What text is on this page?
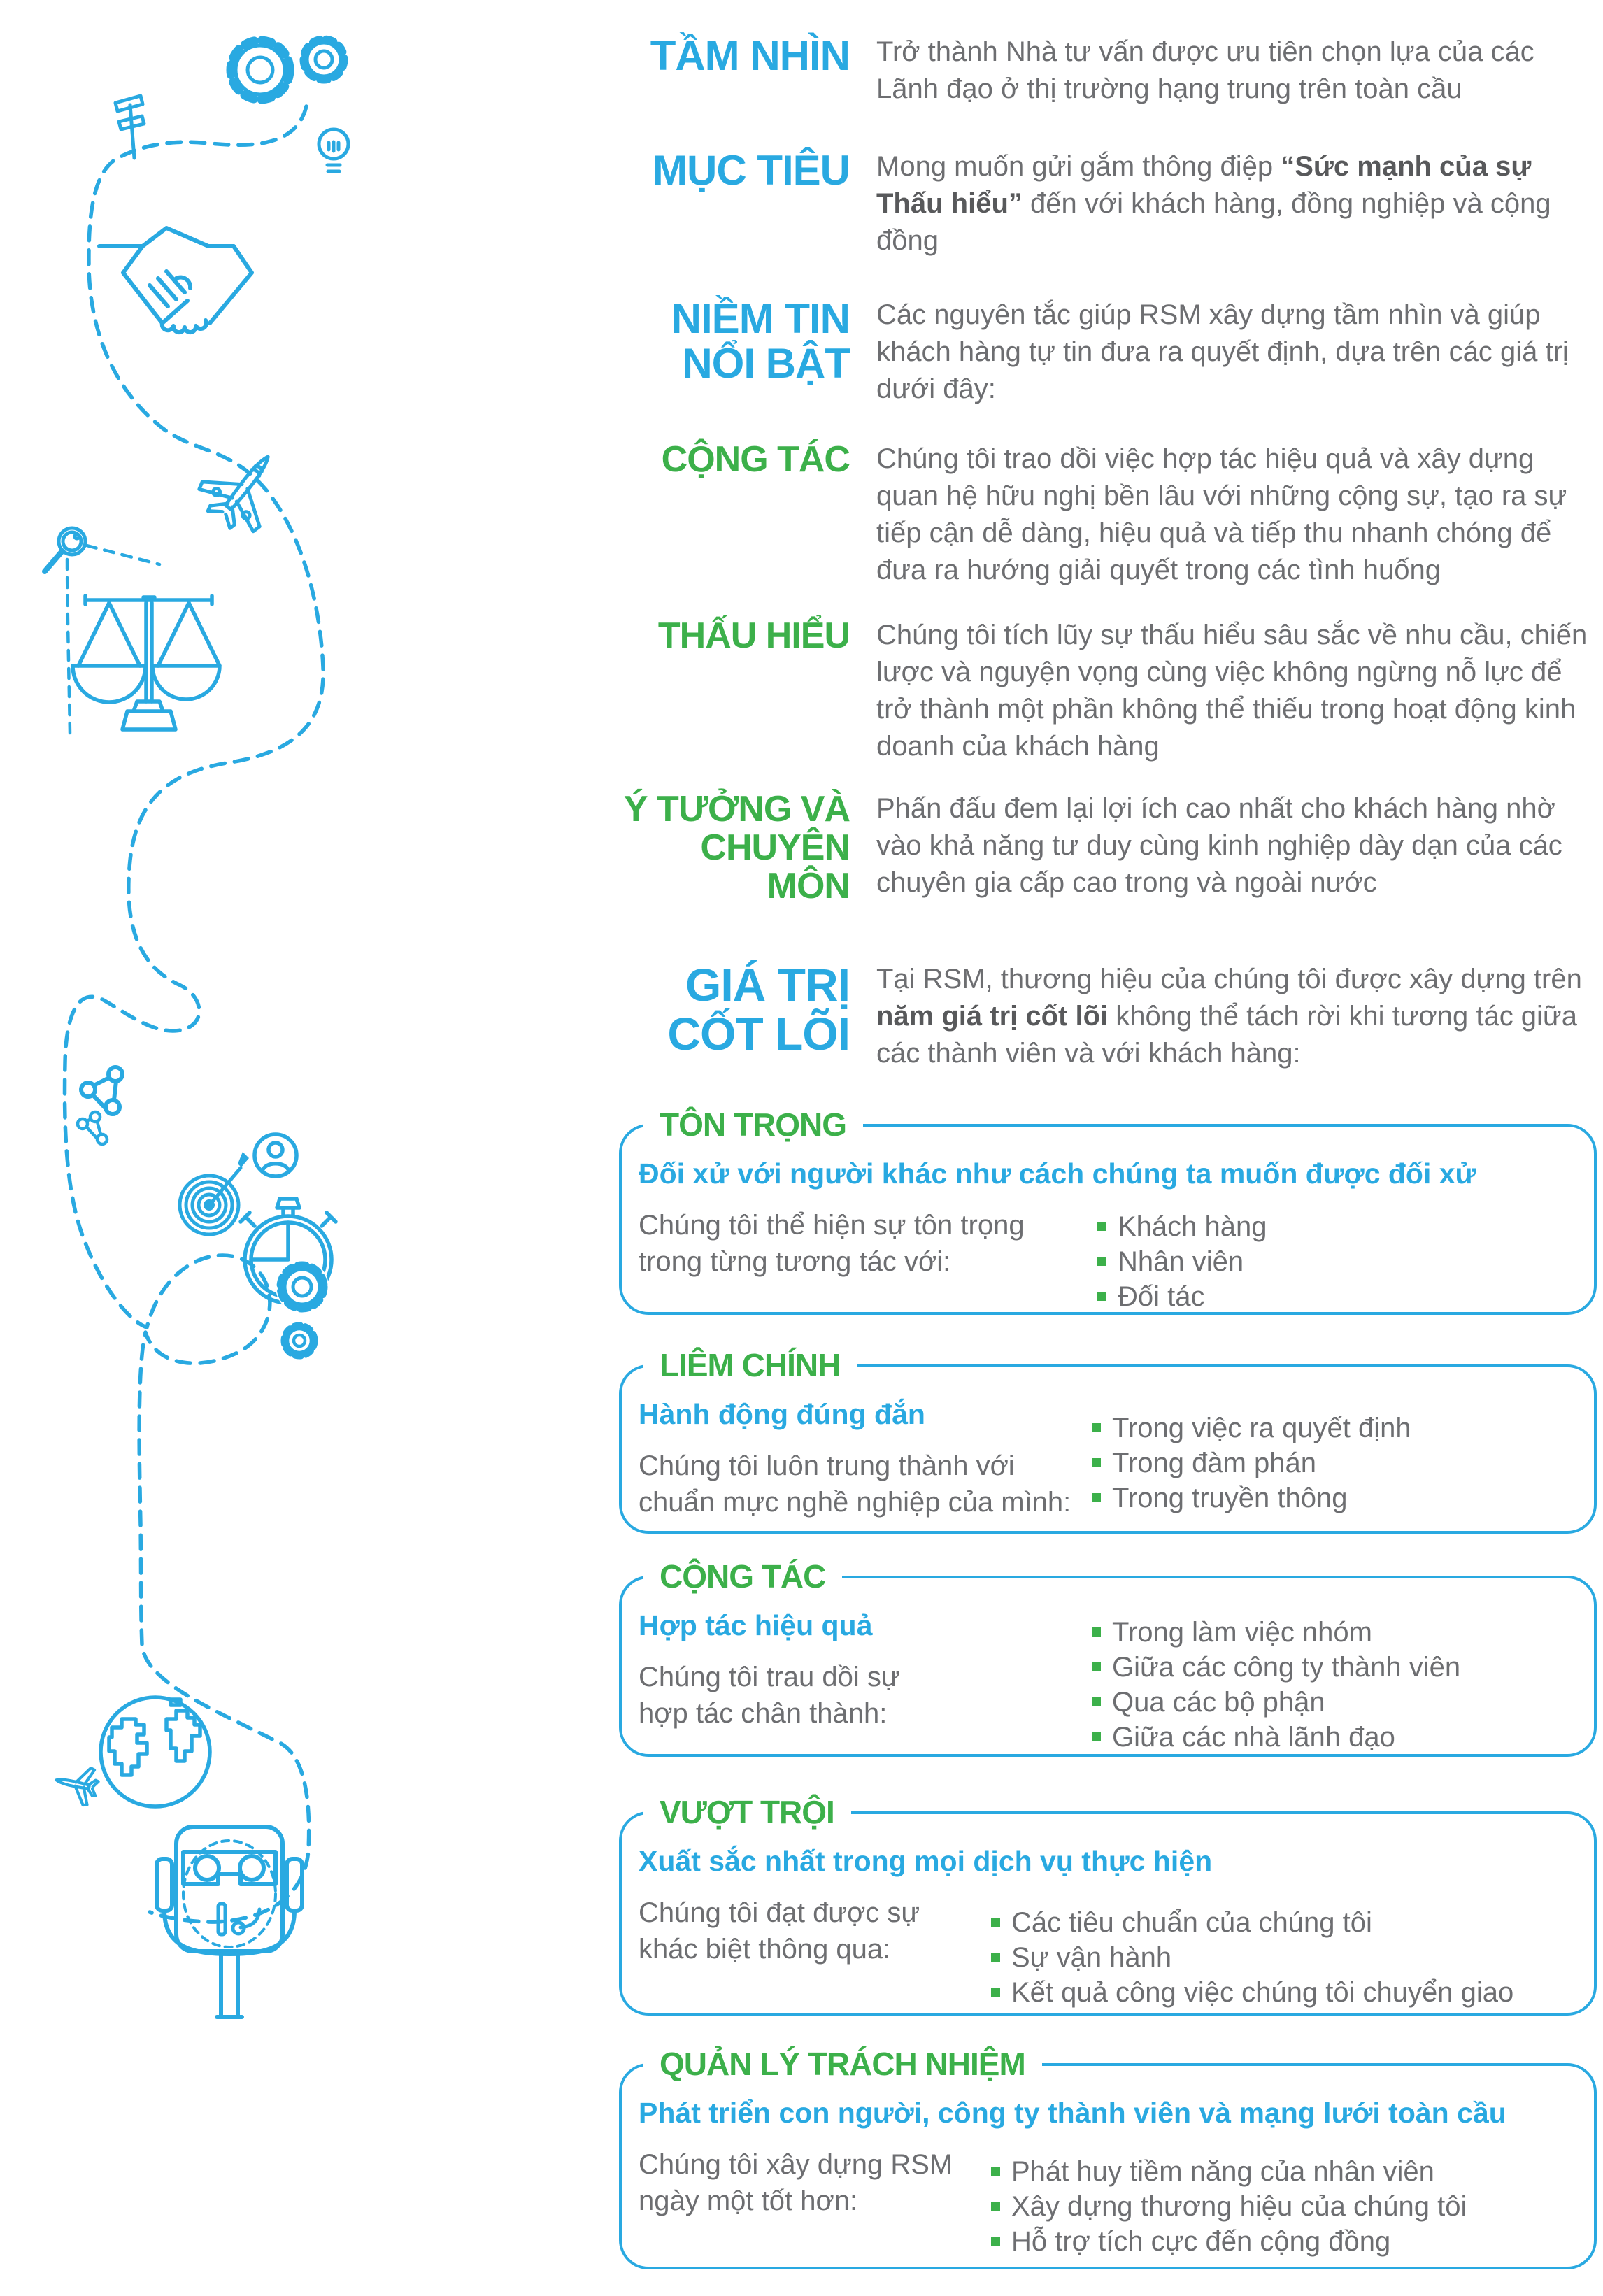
TẦM NHÌN Trở thành Nhà tư vấn được ưu tiên chọn lựa của các Lãnh đạo ở thị trường hạng trung trên toàn cầu
MỤC TIÊU Mong muốn gửi gắm thông điệp “Sức mạnh của sự Thấu hiểu” đến với khách hàng, đồng nghiệp và cộng đồng
NIỀM TIN
NỔI BẬT
Các nguyên tắc giúp RSM xây dựng tầm nhìn và giúp khách hàng tự tin đưa ra quyết định, dựa trên các giá trị dưới đây:
CỘNG TÁC Chúng tôi trao dồi việc hợp tác hiệu quả và xây dựng quan hệ hữu nghị bền lâu với những cộng sự, tạo ra sự tiếp cận dễ dàng, hiệu quả và tiếp thu nhanh chóng để đưa ra hướng giải quyết trong các tình huống
THẤU HIỂU Chúng tôi tích lũy sự thấu hiểu sâu sắc về nhu cầu, chiến lược và nguyện vọng cùng việc không ngừng nỗ lực để trở thành một phần không thể thiếu trong hoạt động kinh doanh của khách hàng
Ý TƯỞNG VÀ
CHUYÊN MÔN
Phấn đấu đem lại lợi ích cao nhất cho khách hàng nhờ vào khả năng tư duy cùng kinh nghiệp dày dạn của các chuyên gia cấp cao trong và ngoài nước
GIÁ TRỊ
CỐT LÕI
Tại RSM, thương hiệu của chúng tôi được xây dựng trên năm giá trị cốt lõi không thể tách rời khi tương tác giữa các thành viên và với khách hàng:
TÔN TRỌNG
Đối xử với người khác như cách chúng ta muốn được đối xử
Chúng tôi thể hiện sự tôn trọng trong từng tương tác với:
Khách hàng
Nhân viên
Đối tác
LIÊM CHÍNH
Hành động đúng đắn
Chúng tôi luôn trung thành với chuẩn mực nghề nghiệp của mình:
Trong việc ra quyết định
Trong đàm phán
Trong truyền thông
CỘNG TÁC
Hợp tác hiệu quả
Chúng tôi trau dồi sự hợp tác chân thành:
Trong làm việc nhóm
Giữa các công ty thành viên
Qua các bộ phận
Giữa các nhà lãnh đạo
VƯỢT TRỘI
Xuất sắc nhất trong mọi dịch vụ thực hiện
Chúng tôi đạt được sự khác biệt thông qua:
Các tiêu chuẩn của chúng tôi
Sự vận hành
Kết quả công việc chúng tôi chuyển giao
QUẢN LÝ TRÁCH NHIỆM
Phát triển con người, công ty thành viên và mạng lưới toàn cầu
Chúng tôi xây dựng RSM ngày một tốt hơn:
Phát huy tiềm năng của nhân viên
Xây dựng thương hiệu của chúng tôi
Hỗ trợ tích cực đến cộng đồng
